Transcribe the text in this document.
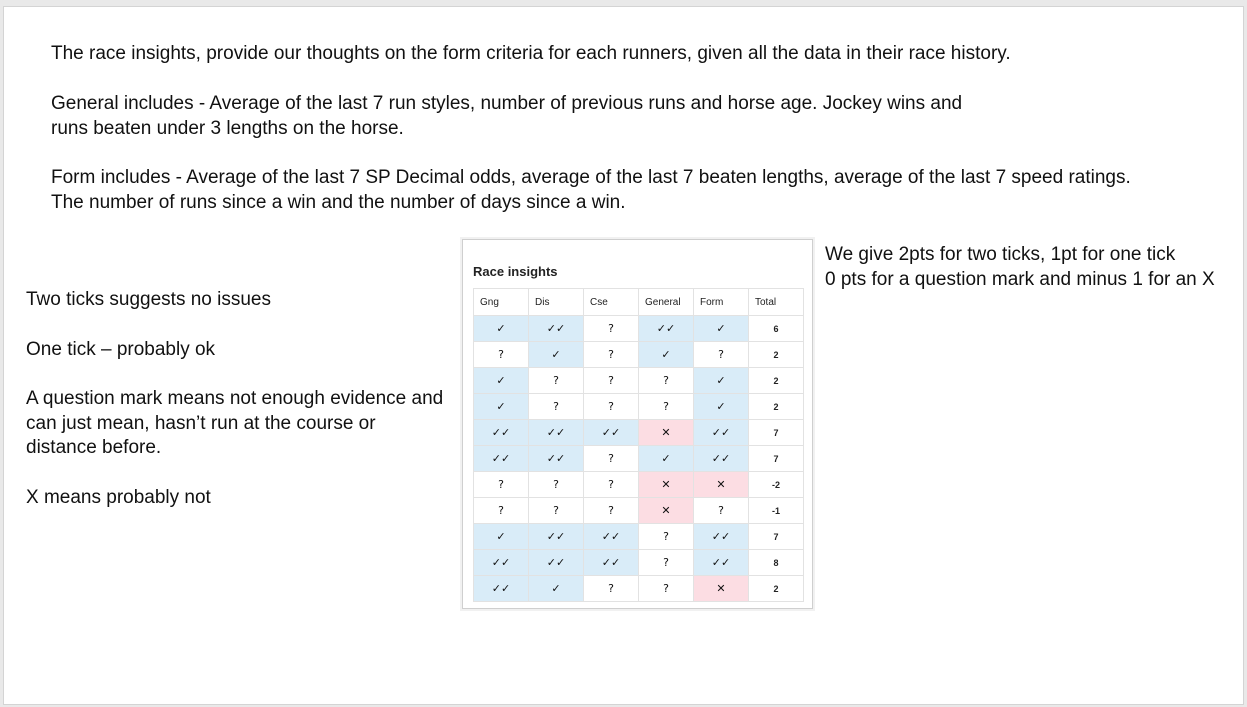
The race insights, provide our thoughts on the form criteria for each runners, given all the data in their race history.

General includes - Average of the last 7 run styles, number of previous runs and horse age. Jockey wins and
runs beaten under 3 lengths on the horse.

Form includes - Average of the last 7 SP Decimal odds, average of the last 7 beaten lengths, average of the last 7 speed ratings.
The number of runs since a win and the number of days since a win.

Two ticks suggests no issues

One tick – probably ok

A question mark means not enough evidence and can just mean, hasn’t run at the course or distance before.

X means probably not

We give 2pts for two ticks, 1pt for one tick
0 pts for a question mark and minus 1 for an X

Race insights
Gng	Dis	Cse	General	Form	Total
✓	✓✓	?	✓✓	✓	6
?	✓	?	✓	?	2
✓	?	?	?	✓	2
✓	?	?	?	✓	2
✓✓	✓✓	✓✓	✕	✓✓	7
✓✓	✓✓	?	✓	✓✓	7
?	?	?	✕	✕	-2
?	?	?	✕	?	-1
✓	✓✓	✓✓	?	✓✓	7
✓✓	✓✓	✓✓	?	✓✓	8
✓✓	✓	?	?	✕	2
